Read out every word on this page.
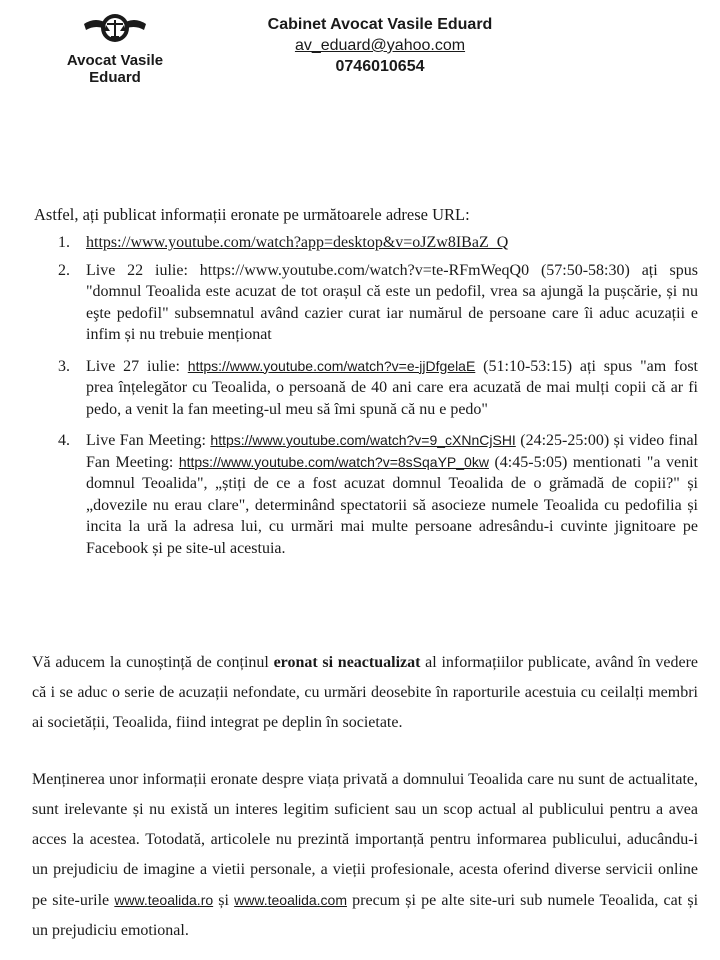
Avocat Vasile Eduard
Cabinet Avocat Vasile Eduard
av_eduard@yahoo.com
0746010654
Astfel, ați publicat informații eronate pe următoarele adrese URL:
1. https://www.youtube.com/watch?app=desktop&v=oJZw8IBaZ_Q
2. Live 22 iulie: https://www.youtube.com/watch?v=te-RFmWeqQ0 (57:50-58:30) ați spus "domnul Teoalida este acuzat de tot orașul că este un pedofil, vrea sa ajungă la pușcărie, și nu eşte pedofil" subsemnatul având cazier curat iar numărul de persoane care îi aduc acuzații e infim și nu trebuie menționat
3. Live 27 iulie: https://www.youtube.com/watch?v=e-jjDfgelaE (51:10-53:15) ați spus "am fost prea înțelegător cu Teoalida, o persoană de 40 ani care era acuzată de mai mulți copii că ar fi pedo, a venit la fan meeting-ul meu să îmi spună că nu e pedo"
4. Live Fan Meeting: https://www.youtube.com/watch?v=9_cXNnCjSHI (24:25-25:00) și video final Fan Meeting: https://www.youtube.com/watch?v=8sSqaYP_0kw (4:45-5:05) mentionati "a venit domnul Teoalida", „știți de ce a fost acuzat domnul Teoalida de o grămadă de copii?" și „dovezile nu erau clare", determinând spectatorii să asocieze numele Teoalida cu pedofilia și incita la ură la adresa lui, cu urmări mai multe persoane adresându-i cuvinte jignitoare pe Facebook și pe site-ul acestuia.
Vă aducem la cunoștință de conținul eronat si neactualizat al informațiilor publicate, având în vedere că i se aduc o serie de acuzații nefondate, cu urmări deosebite în raporturile acestuia cu ceilalți membri ai societății, Teoalida, fiind integrat pe deplin în societate.
Menținerea unor informații eronate despre viața privată a domnului Teoalida care nu sunt de actualitate, sunt irelevante și nu există un interes legitim suficient sau un scop actual al publicului pentru a avea acces la acestea. Totodată, articolele nu prezintă importanță pentru informarea publicului, aducându-i un prejudiciu de imagine a vietii personale, a vieții profesionale, acesta oferind diverse servicii online pe site-urile www.teoalida.ro și www.teoalida.com precum și pe alte site-uri sub numele Teoalida, cat și un prejudiciu emotional.
